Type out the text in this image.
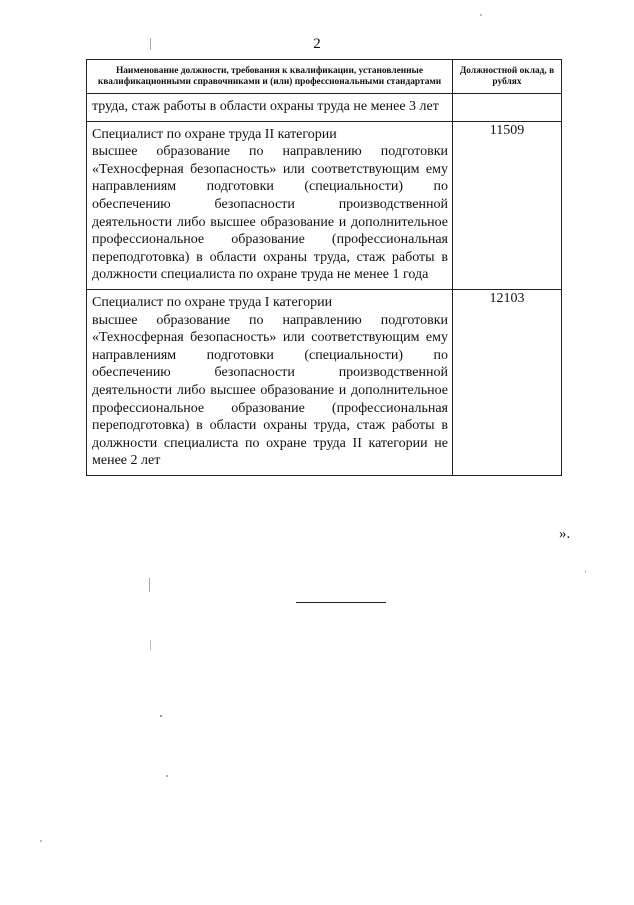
2
Наименование должности, требования к квалификации, установленные квалификационными справочниками и (или) профессиональными стандартами	Должностной оклад, в рублях

труда, стаж работы в области охраны труда не менее 3 лет	

Специалист по охране труда II категории
высшее образование по направлению подготовки «Техносферная безопасность» или соответствующим ему направлениям подготовки (специальности) по обеспечению безопасности производственной деятельности либо высшее образование и дополнительное профессиональное образование (профессиональная переподготовка) в области охраны труда, стаж работы в должности специалиста по охране труда не менее 1 года	11509

Специалист по охране труда I категории
высшее образование по направлению подготовки «Техносферная безопасность» или соответствующим ему направлениям подготовки (специальности) по обеспечению безопасности производственной деятельности либо высшее образование и дополнительное профессиональное образование (профессиональная переподготовка) в области охраны труда, стаж работы в должности специалиста по охране труда II категории не менее 2 лет	12103
».
